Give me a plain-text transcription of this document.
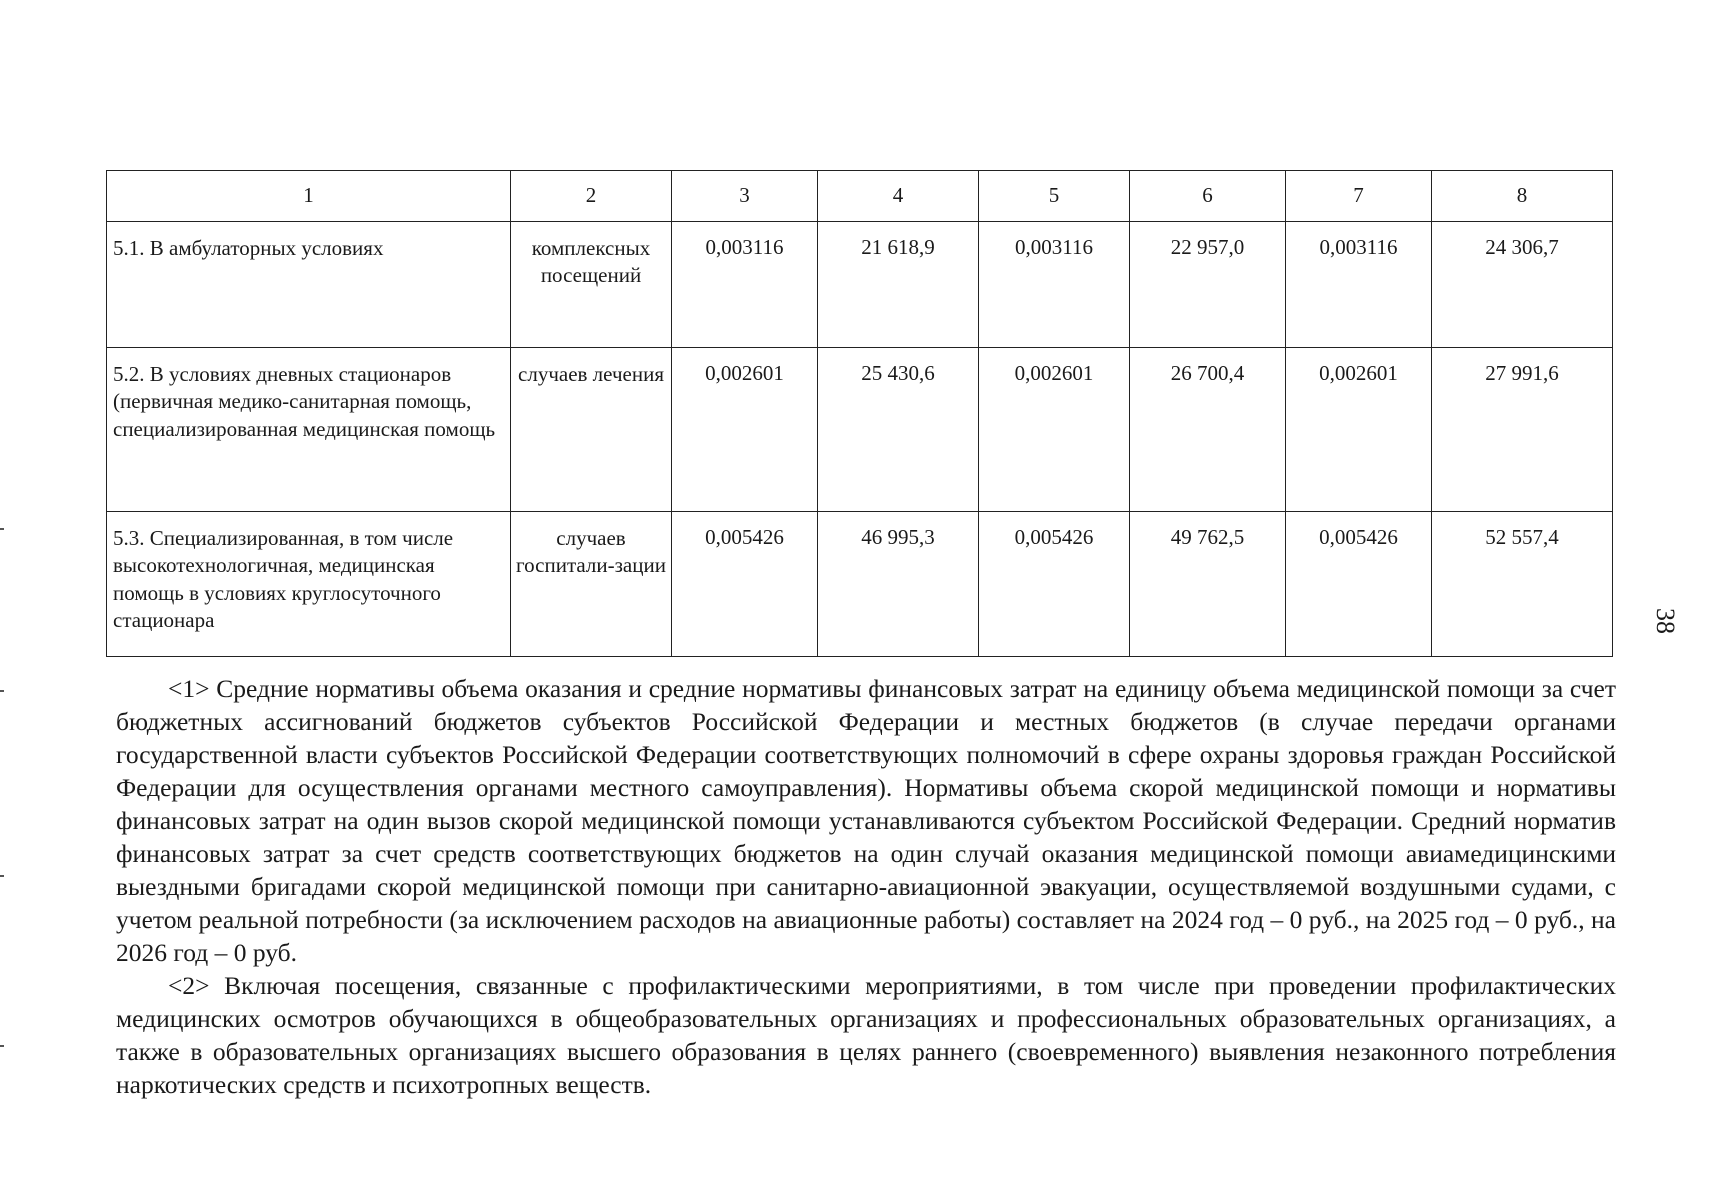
1	2	3	4	5	6	7	8
5.1. В амбулаторных условиях	комплексных посещений	0,003116	21 618,9	0,003116	22 957,0	0,003116	24 306,7
5.2. В условиях дневных стационаров (первичная медико-санитарная помощь, специализированная медицинская помощь	случаев лечения	0,002601	25 430,6	0,002601	26 700,4	0,002601	27 991,6
5.3. Специализированная, в том числе высокотехнологичная, медицинская помощь в условиях круглосуточного стационара	случаев госпитали-зации	0,005426	46 995,3	0,005426	49 762,5	0,005426	52 557,4
38

<1> Средние нормативы объема оказания и средние нормативы финансовых затрат на единицу объема медицинской помощи за счет бюджетных ассигнований бюджетов субъектов Российской Федерации и местных бюджетов (в случае передачи органами государственной власти субъектов Российской Федерации соответствующих полномочий в сфере охраны здоровья граждан Российской Федерации для осуществления органами местного самоуправления). Нормативы объема скорой медицинской помощи и нормативы финансовых затрат на один вызов скорой медицинской помощи устанавливаются субъектом Российской Федерации. Средний норматив финансовых затрат за счет средств соответствующих бюджетов на один случай оказания медицинской помощи авиамедицинскими выездными бригадами скорой медицинской помощи при санитарно-авиационной эвакуации, осуществляемой воздушными судами, с учетом реальной потребности (за исключением расходов на авиационные работы) составляет на 2024 год – 0 руб., на 2025 год – 0 руб., на 2026 год – 0 руб.

<2> Включая посещения, связанные с профилактическими мероприятиями, в том числе при проведении профилактических медицинских осмотров обучающихся в общеобразовательных организациях и профессиональных образовательных организациях, а также в образовательных организациях высшего образования в целях раннего (своевременного) выявления незаконного потребления наркотических средств и психотропных веществ.
